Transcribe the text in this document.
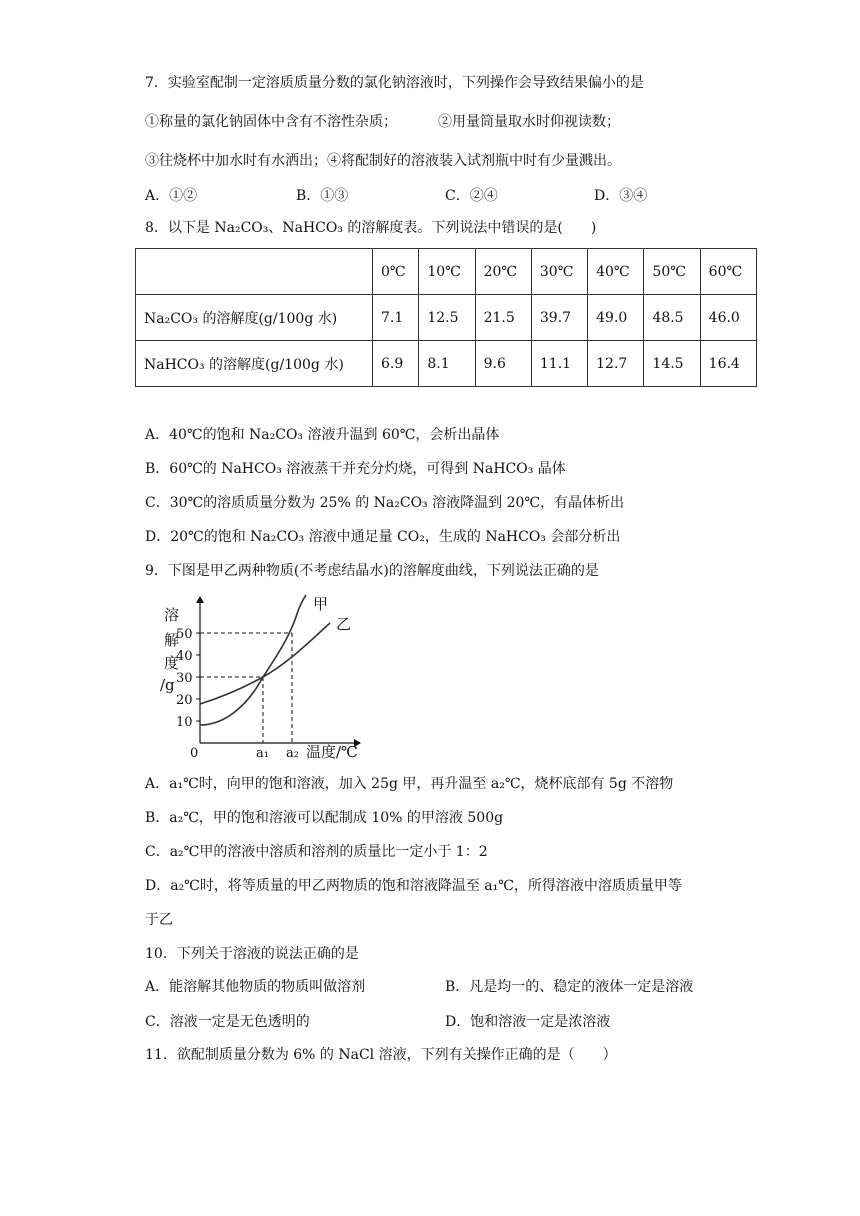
7．实验室配制一定溶质质量分数的氯化钠溶液时，下列操作会导致结果偏小的是
①称量的氯化钠固体中含有不溶性杂质；	②用量筒量取水时仰视读数；
③往烧杯中加水时有水洒出；④将配制好的溶液装入试剂瓶中时有少量溅出。
A．①②	B．①③	C．②④	D．③④
8．以下是 Na₂CO₃、NaHCO₃ 的溶解度表。下列说法中错误的是(　　)
	0℃	10℃	20℃	30℃	40℃	50℃	60℃
Na₂CO₃ 的溶解度(g/100g 水)	7.1	12.5	21.5	39.7	49.0	48.5	46.0
NaHCO₃ 的溶解度(g/100g 水)	6.9	8.1	9.6	11.1	12.7	14.5	16.4
A．40℃的饱和 Na₂CO₃ 溶液升温到 60℃，会析出晶体
B．60℃的 NaHCO₃ 溶液蒸干并充分灼烧，可得到 NaHCO₃ 晶体
C．30℃的溶质质量分数为 25% 的 Na₂CO₃ 溶液降温到 20℃，有晶体析出
D．20℃的饱和 Na₂CO₃ 溶液中通足量 CO₂，生成的 NaHCO₃ 会部分析出
9．下图是甲乙两种物质(不考虑结晶水)的溶解度曲线，下列说法正确的是
溶
解
度
/g
50
40
30
20
10
0	a₁ a₂ 温度/℃
甲
乙
A．a₁℃时，向甲的饱和溶液，加入 25g 甲，再升温至 a₂℃，烧杯底部有 5g 不溶物
B．a₂℃，甲的饱和溶液可以配制成 10% 的甲溶液 500g
C．a₂℃甲的溶液中溶质和溶剂的质量比一定小于 1：2
D．a₂℃时，将等质量的甲乙两物质的饱和溶液降温至 a₁℃，所得溶液中溶质质量甲等
于乙
10．下列关于溶液的说法正确的是
A．能溶解其他物质的物质叫做溶剂	B．凡是均一的、稳定的液体一定是溶液
C．溶液一定是无色透明的	D．饱和溶液一定是浓溶液
11．欲配制质量分数为 6% 的 NaCl 溶液，下列有关操作正确的是（　　）
